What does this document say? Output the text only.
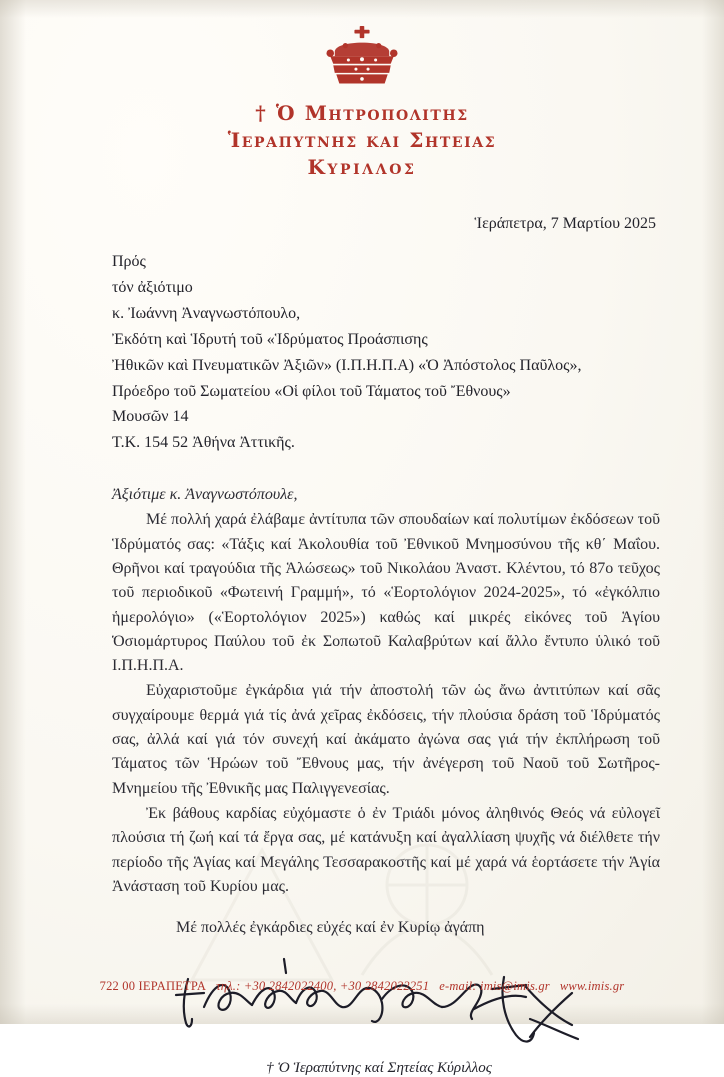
† Ὁ Μητροπολίτης
Ἱεραπύτνης καὶ Σητείας
Κύριλλος
Ἱεράπετρα, 7 Μαρτίου 2025
Πρός
τόν ἀξιότιμο
κ. Ἰωάννη Ἀναγνωστόπουλο,
Ἐκδότη καὶ Ἱδρυτή τοῦ «Ἱδρύματος Προάσπισης
Ἠθικῶν καὶ Πνευματικῶν Ἀξιῶν» (Ι.Π.Η.Π.Α) «Ὁ Ἀπόστολος Παῦλος»,
Πρόεδρο τοῦ Σωματείου «Οἱ φίλοι τοῦ Τάματος τοῦ Ἔθνους»
Μουσῶν 14
Τ.Κ. 154 52 Ἀθήνα Ἀττικῆς.
Ἀξιότιμε κ. Ἀναγνωστόπουλε,

Μέ πολλή χαρά ἐλάβαμε ἀντίτυπα τῶν σπουδαίων καί πολυτίμων ἐκδόσεων τοῦ Ἱδρύματός σας: «Τάξις καί Ἀκολουθία τοῦ Ἐθνικοῦ Μνημοσύνου τῆς κθ΄ Μαΐου. Θρῆνοι καί τραγούδια τῆς Ἁλώσεως» τοῦ Νικολάου Ἀναστ. Κλέντου, τό 87ο τεῦχος τοῦ περιοδικοῦ «Φωτεινή Γραμμή», τό «Ἑορτολόγιον 2024-2025», τό «ἐγκόλπιο ἡμερολόγιο» («Ἑορτολόγιον 2025») καθώς καί μικρές εἰκόνες τοῦ Ἁγίου Ὁσιομάρτυρος Παύλου τοῦ ἐκ Σοπωτοῦ Καλαβρύτων καί ἄλλο ἔντυπο ὑλικό τοῦ Ι.Π.Η.Π.Α.

Εὐχαριστοῦμε ἐγκάρδια γιά τήν ἀποστολή τῶν ὡς ἄνω ἀντιτύπων καί σᾶς συγχαίρουμε θερμά γιά τίς ἀνά χεῖρας ἐκδόσεις, τήν πλούσια δράση τοῦ Ἱδρύματός σας, ἀλλά καί γιά τόν συνεχή καί ἀκάματο ἀγώνα σας γιά τήν ἐκπλήρωση τοῦ Τάματος τῶν Ἡρώων τοῦ Ἔθνους μας, τήν ἀνέγερση τοῦ Ναοῦ τοῦ Σωτῆρος-Μνημείου τῆς Ἐθνικῆς μας Παλιγγενεσίας.

Ἐκ βάθους καρδίας εὐχόμαστε ὁ ἐν Τριάδι μόνος ἀληθινός Θεός νά εὐλογεῖ πλούσια τή ζωή καί τά ἔργα σας, μέ κατάνυξη καί ἀγαλλίαση ψυχῆς νά διέλθετε τήν περίοδο τῆς Ἁγίας καί Μεγάλης Τεσσαρακοστῆς καί μέ χαρά νά ἑορτάσετε τήν Ἁγία Ἀνάσταση τοῦ Κυρίου μας.

Μέ πολλές ἐγκάρδιες εὐχές καί ἐν Κυρίῳ ἀγάπη
† Ὁ Ἱεραπύτνης καί Σητείας Κύριλλος
722 00 ΙΕΡΑΠΕΤΡΑ τηλ.: +30 2842022400, +30 2842022251 e-mail: imis@imis.gr www.imis.gr
